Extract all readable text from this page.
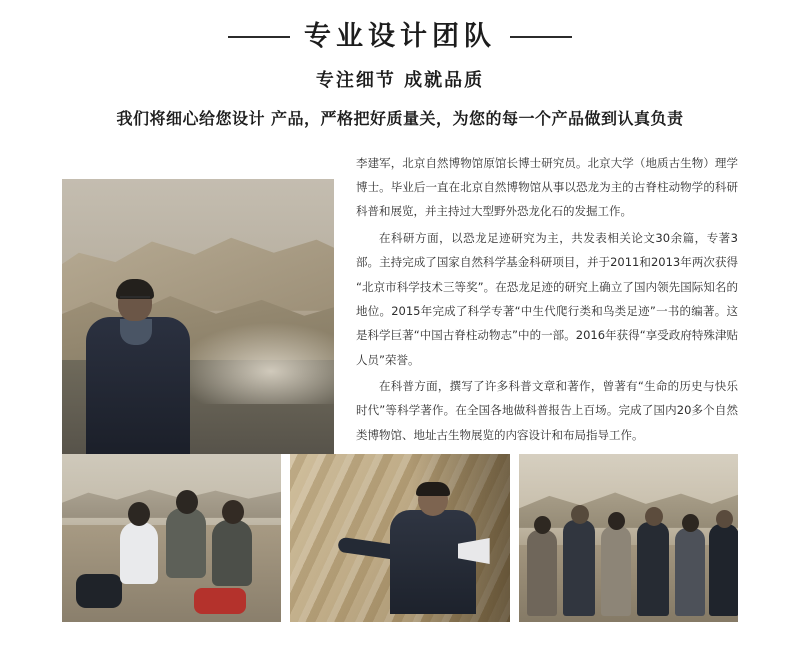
专业设计团队
专注细节 成就品质
我们将细心给您设计 产品，严格把好质量关，为您的每一个产品做到认真负责

李建军，北京自然博物馆原馆长博士研究员。北京大学（地质古生物）理学博士。毕业后一直在北京自然博物馆从事以恐龙为主的古脊柱动物学的科研科普和展览，并主持过大型野外恐龙化石的发掘工作。

在科研方面，以恐龙足迹研究为主，共发表相关论文30余篇，专著3部。主持完成了国家自然科学基金科研项目，并于2011和2013年两次获得“北京市科学技术三等奖”。在恐龙足迹的研究上确立了国内领先国际知名的地位。2015年完成了科学专著“中生代爬行类和鸟类足迹”一书的编著。这是科学巨著“中国古脊柱动物志”中的一部。2016年获得“享受政府特殊津贴人员”荣誉。

在科普方面，撰写了许多科普文章和著作，曾著有“生命的历史与快乐时代”等科学著作。在全国各地做科普报告上百场。完成了国内20多个自然类博物馆、地址古生物展览的内容设计和布局指导工作。
